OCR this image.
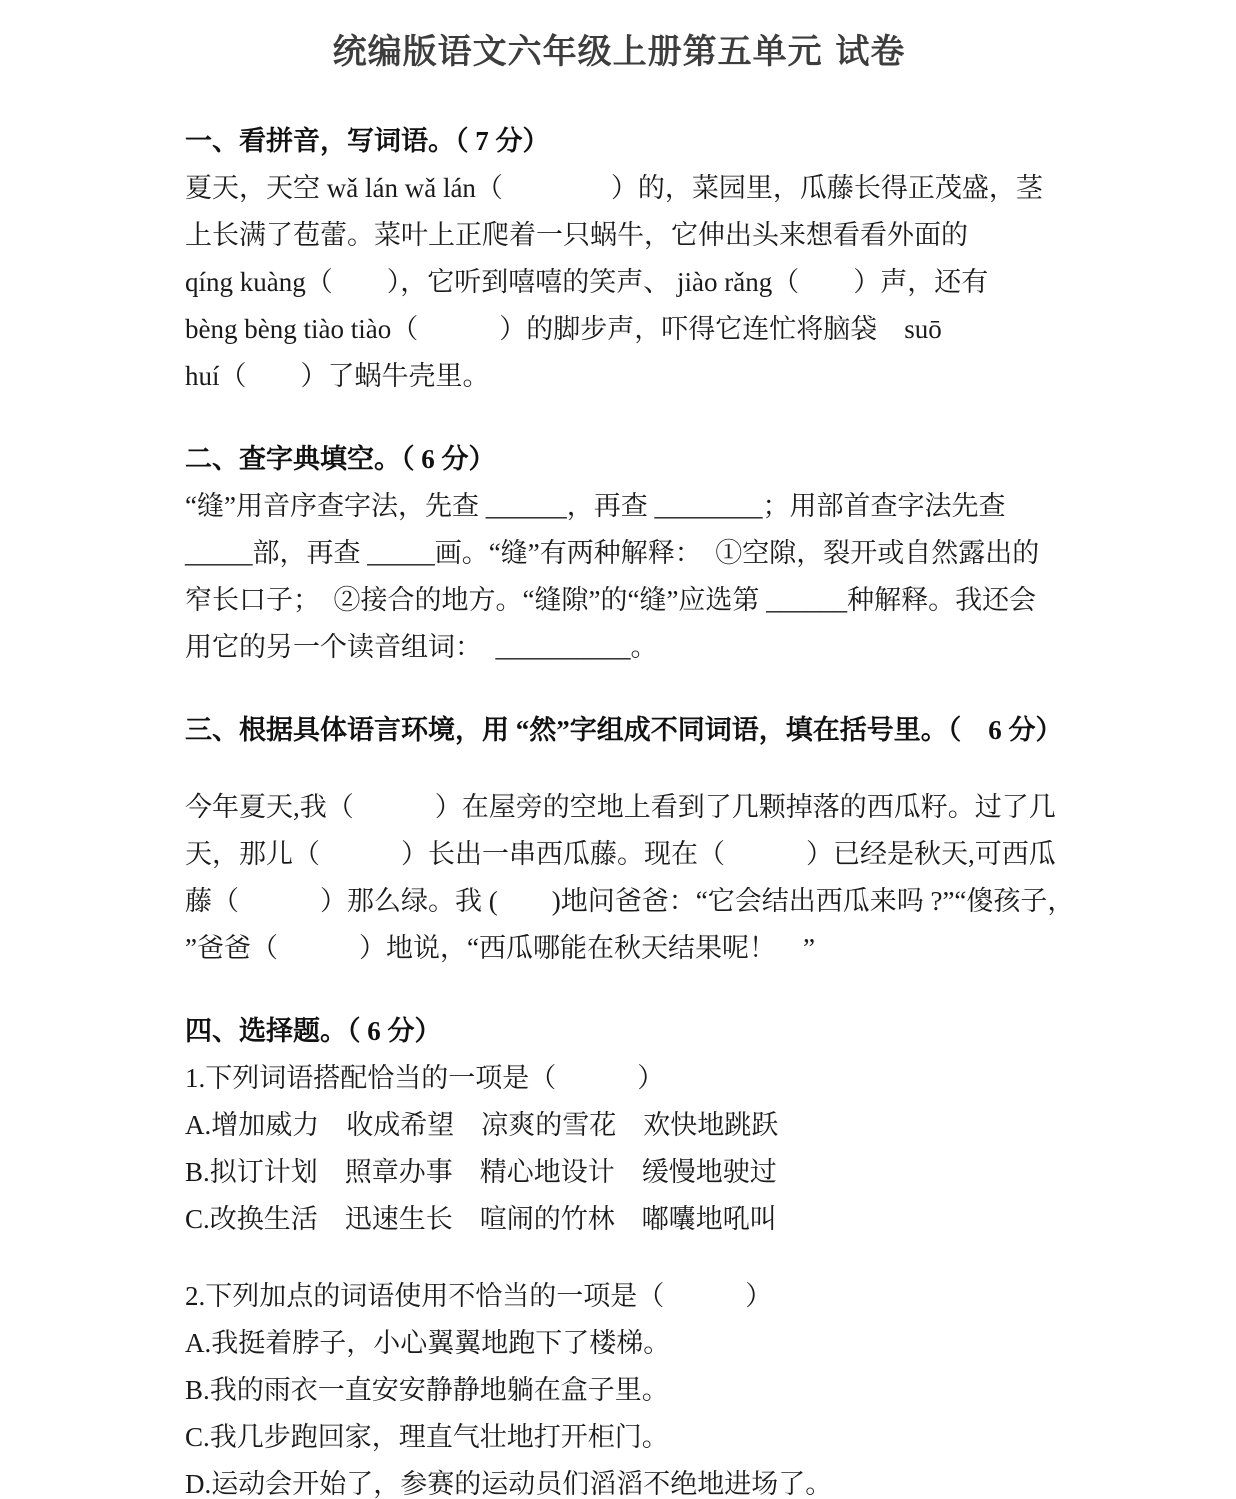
统编版语文六年级上册第五单元 试卷
一、看拼音，写词语。（ 7 分）
夏天，天空 wǎ lán wǎ lán（　　　　）的，菜园里，瓜藤长得正茂盛，茎
上长满了苞蕾。菜叶上正爬着一只蜗牛，它伸出头来想看看外面的
qíng kuàng（　　），它听到嘻嘻的笑声、 jiào rǎng（　　）声，还有
bèng bèng tiào tiào（　　　）的脚步声，吓得它连忙将脑袋　suō
huí（　　）了蜗牛壳里。
二、查字典填空。（ 6 分）
“缝”用音序查字法，先查 ______，再查 ________；用部首查字法先查
_____部，再查 _____画。“缝”有两种解释：　①空隙，裂开或自然露出的
窄长口子；　②接合的地方。“缝隙”的“缝”应选第 ______种解释。我还会
用它的另一个读音组词：　__________。
三、根据具体语言环境，用 “然”字组成不同词语，填在括号里。（　6 分）
今年夏天,我（　　　）在屋旁的空地上看到了几颗掉落的西瓜籽。过了几
天，那儿（　　　）长出一串西瓜藤。现在（　　　）已经是秋天,可西瓜
藤（　　　）那么绿。我 (　　)地问爸爸：“它会结出西瓜来吗 ?”“傻孩子，
”爸爸（　　　）地说，“西瓜哪能在秋天结果呢！　”
四、选择题。（ 6 分）
1.下列词语搭配恰当的一项是（　　　）
A.增加威力　收成希望　凉爽的雪花　欢快地跳跃
B.拟订计划　照章办事　精心地设计　缓慢地驶过
C.改换生活　迅速生长　喧闹的竹林　嘟囔地吼叫
2.下列加点的词语使用不恰当的一项是（　　　）
A.我挺着脖子，小心翼翼地跑下了楼梯。
B.我的雨衣一直安安静静地躺在盒子里。
C.我几步跑回家，理直气壮地打开柜门。
D.运动会开始了，参赛的运动员们滔滔不绝地进场了。
